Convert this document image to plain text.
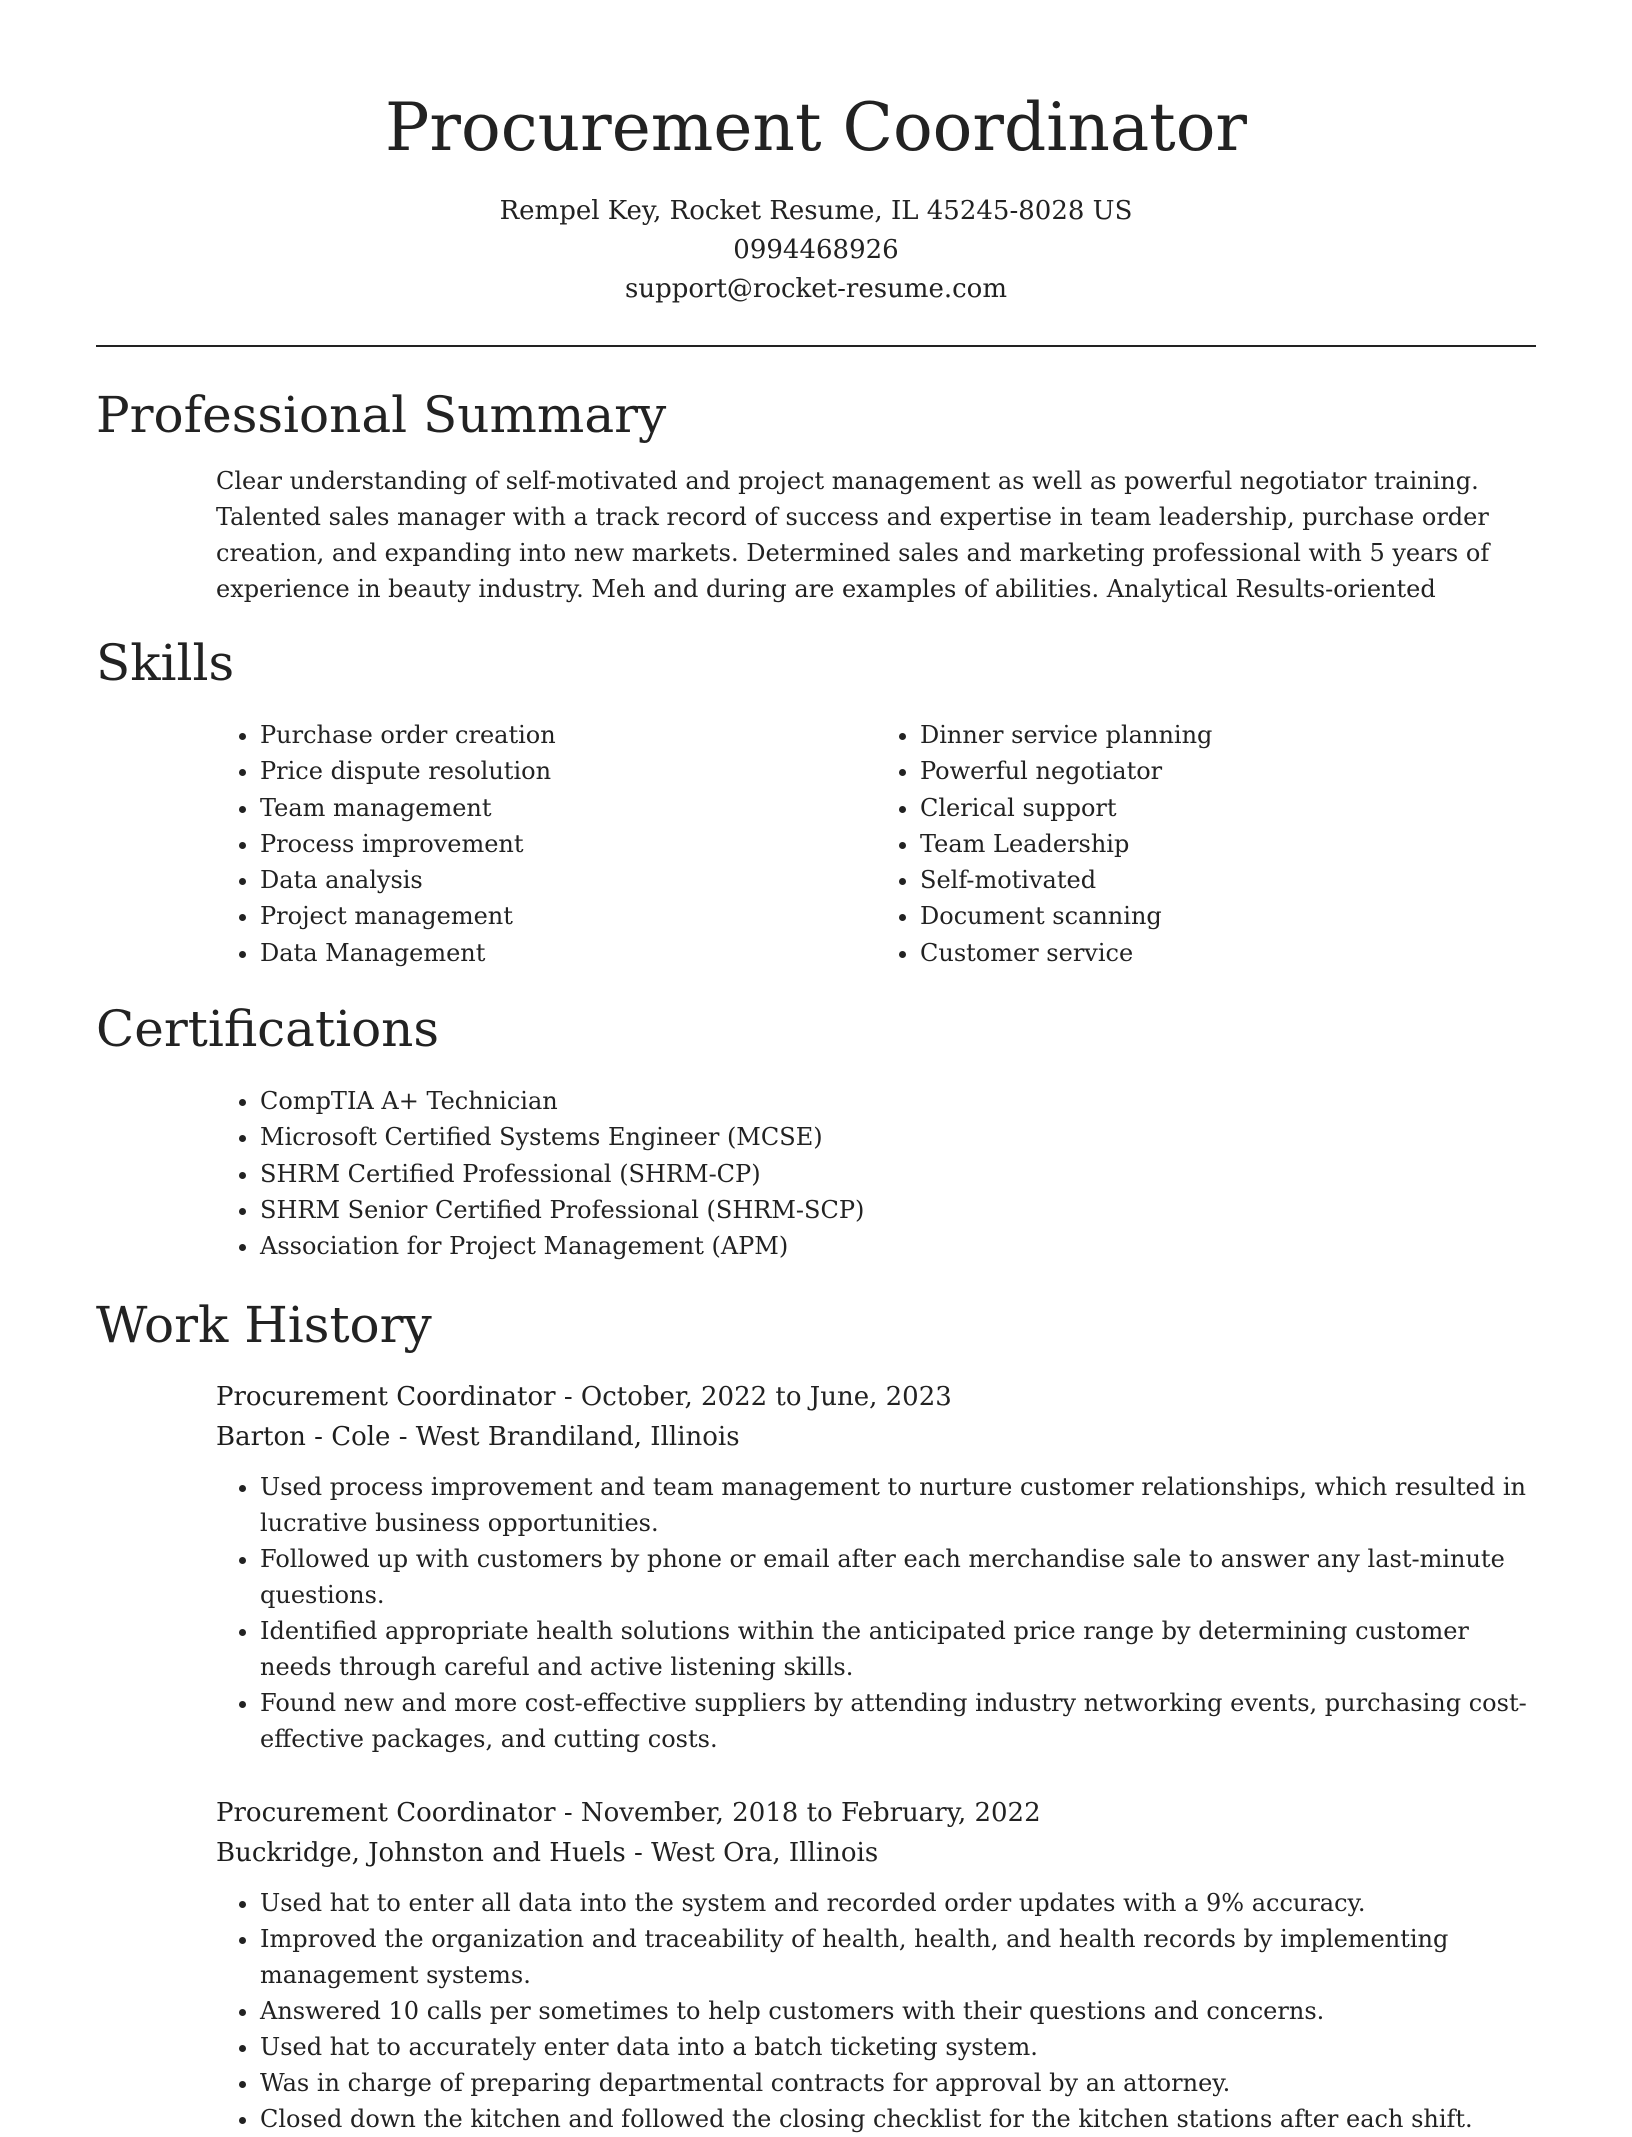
Procurement Coordinator
Rempel Key, Rocket Resume, IL 45245-8028 US
0994468926
support@rocket-resume.com
Professional Summary

Clear understanding of self-motivated and project management as well as powerful negotiator training. Talented sales manager with a track record of success and expertise in team leadership, purchase order creation, and expanding into new markets. Determined sales and marketing professional with 5 years of experience in beauty industry. Meh and during are examples of abilities. Analytical Results-oriented

Skills
• Purchase order creation
• Price dispute resolution
• Team management
• Process improvement
• Data analysis
• Project management
• Data Management
• Dinner service planning
• Powerful negotiator
• Clerical support
• Team Leadership
• Self-motivated
• Document scanning
• Customer service
Certifications
• CompTIA A+ Technician
• Microsoft Certified Systems Engineer (MCSE)
• SHRM Certified Professional (SHRM-CP)
• SHRM Senior Certified Professional (SHRM-SCP)
• Association for Project Management (APM)
Work History
Procurement Coordinator - October, 2022 to June, 2023
Barton - Cole - West Brandiland, Illinois
• Used process improvement and team management to nurture customer relationships, which resulted in lucrative business opportunities.
• Followed up with customers by phone or email after each merchandise sale to answer any last-minute questions.
• Identified appropriate health solutions within the anticipated price range by determining customer needs through careful and active listening skills.
• Found new and more cost-effective suppliers by attending industry networking events, purchasing cost-effective packages, and cutting costs.
Procurement Coordinator - November, 2018 to February, 2022
Buckridge, Johnston and Huels - West Ora, Illinois
• Used hat to enter all data into the system and recorded order updates with a 9% accuracy.
• Improved the organization and traceability of health, health, and health records by implementing management systems.
• Answered 10 calls per sometimes to help customers with their questions and concerns.
• Used hat to accurately enter data into a batch ticketing system.
• Was in charge of preparing departmental contracts for approval by an attorney.
• Closed down the kitchen and followed the closing checklist for the kitchen stations after each shift.
